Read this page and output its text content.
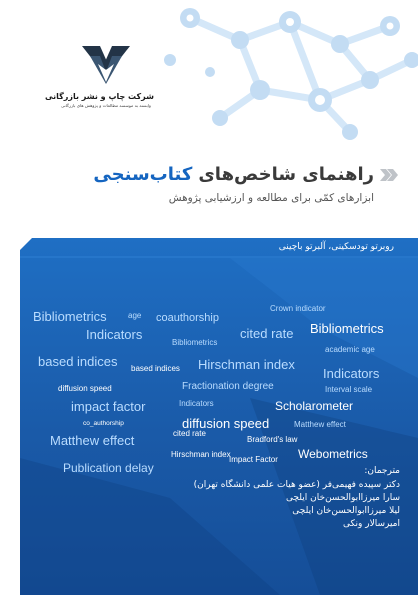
شرکت چاپ و نشر بازرگانی
وابسته به موسسه مطالعات و پژوهش های بازرگانی
راهنمای شاخص‌های
کتاب‌سنجی
ابزارهای کمّی برای مطالعه و ارزشیابی پژوهش
روبرتو تودسکینی، آلبرتو باچینی
Bibliometrics	age coauthorship
Crown indicator
Indicators	cited rate
Bibliometrics
Bibliometrics
academic age
based indices based indices Hirschman index
Indicators
diffusion speed	Fractionation degree	Interval scale
impact factor	Indicators	Scholarometer
co_authorship	diffusion speed	Matthew effect
cited rate
Matthew effect	Bradford's law
Hirschman index
Impact Factor Webometrics
Publication delay	مترجمان:
دکتر سپیده فهیمی‌فر (عضو هیات علمی دانشگاه تهران)
سارا میرزاابوالحسن‌خان ایلچی
لیلا میرزاابوالحسن‌خان ایلچی
امیرسالار ونکی
